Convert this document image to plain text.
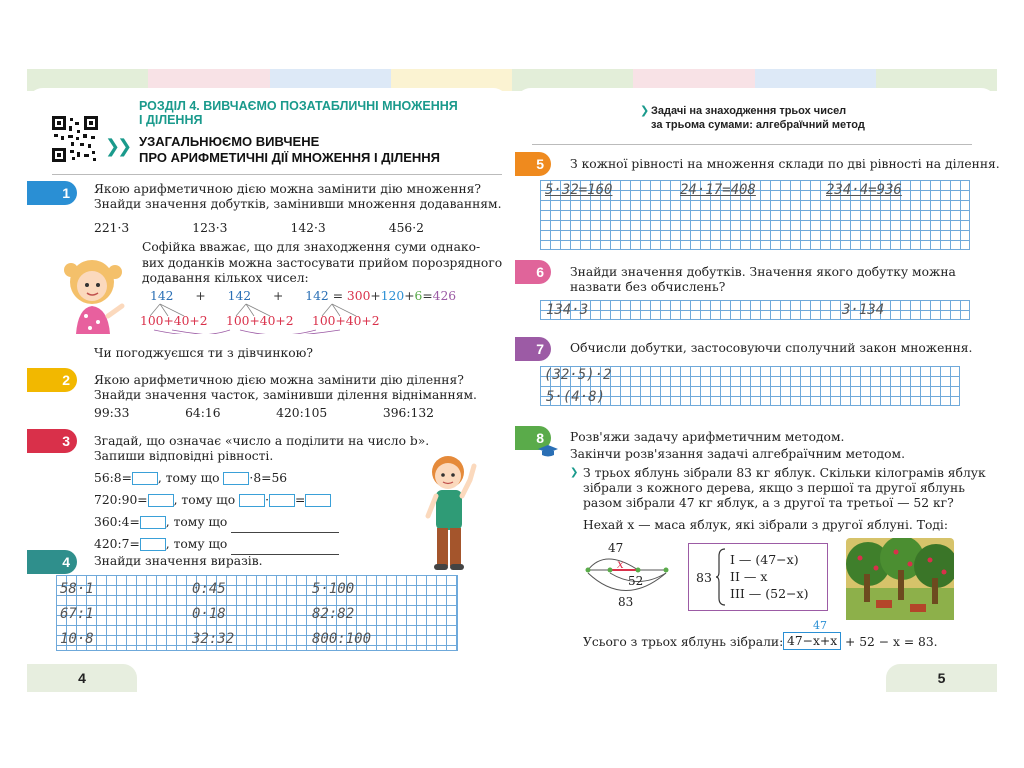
❯❯
РОЗДІЛ 4. ВИВЧАЄМО ПОЗАТАБЛИЧНІ МНОЖЕННЯ
І ДІЛЕННЯ
УЗАГАЛЬНЮЄМО ВИВЧЕНЕ
ПРО АРИФМЕТИЧНІ ДІЇ МНОЖЕННЯ І ДІЛЕННЯ
1	Якою арифметичною дією можна замінити дію множення?
Знайди значення добутків, замінивши множення додаванням.
221·3	123·3	142·3	456·2
Софійка вважає, що для знаходження суми однако-
вих доданків можна застосувати прийом порозрядного
додавання кількох чисел:
142 + 142 + 142 = 300+120+6=426
100+40+2 100+40+2 100+40+2
Чи погоджуєшся ти з дівчинкою?
2	Якою арифметичною дією можна замінити дію ділення?
Знайди значення часток, замінивши ділення відніманням.
99:33	64:16	420:105	396:132
3	Згадай, що означає «число a поділити на число b».
Запиши відповідні рівності.
56:8= , тому що ·8=56
720:90= , тому що · =
360:4= , тому що
420:7= , тому що
4	Знайди значення виразів.
58·1	0:45	5·100
67:1	0·18	82:82
10·8	32:32	800:100
4
❯ Задачі на знаходження трьох чисел
за трьома сумами: алгебраїчний метод
5	З кожної рівності на множення склади по дві рівності на ділення.
5·32=160	24·17=408	234·4=936
6	Знайди значення добутків. Значення якого добутку можна
назвати без обчислень?
134·3	3·134
7	Обчисли добутки, застосовуючи сполучний закон множення.
(32·5)·2
5·(4·8)
8	Розв'яжи задачу арифметичним методом.
Закінчи розв'язання задачі алгебраїчним методом.
❯ З трьох яблунь зібрали 83 кг яблук. Скільки кілограмів яблук
зібрали з кожного дерева, якщо з першої та другої яблунь
разом зібрали 47 кг яблук, а з другої та третьої — 52 кг?
Нехай x — маса яблук, які зібрали з другої яблуні. Тоді:
47
x
52
83
83
І — (47−x)
ІІ — x
ІІІ — (52−x)
47
Усього з трьох яблунь зібрали: 47−x+x + 52 − x = 83.
5
